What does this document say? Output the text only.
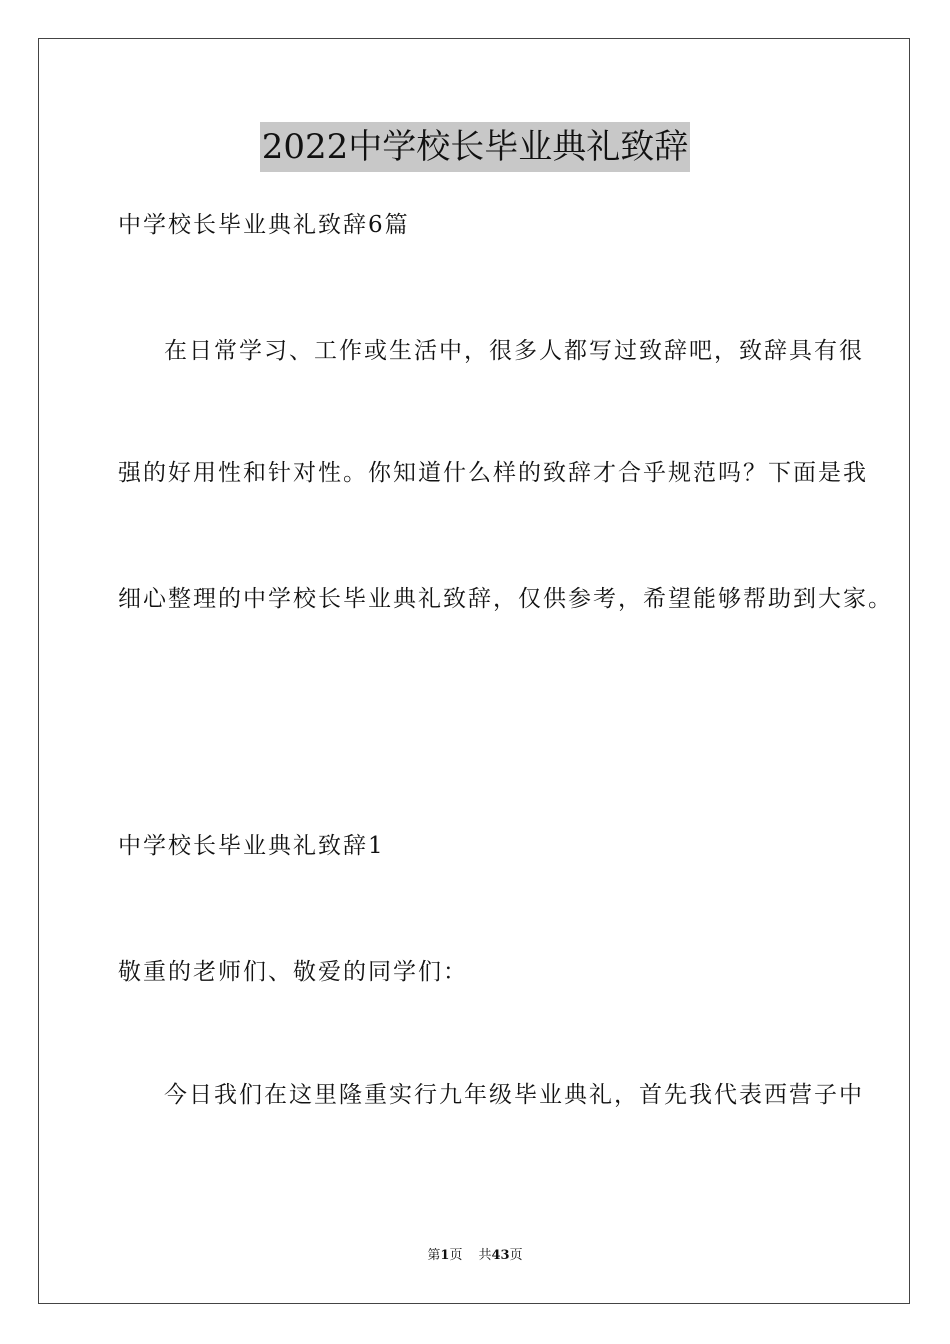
2022中学校长毕业典礼致辞
中学校长毕业典礼致辞6篇
在日常学习、工作或生活中，很多人都写过致辞吧，致辞具有很
强的好用性和针对性。你知道什么样的致辞才合乎规范吗？下面是我
细心整理的中学校长毕业典礼致辞，仅供参考，希望能够帮助到大家。
中学校长毕业典礼致辞1
敬重的老师们、敬爱的同学们：
今日我们在这里隆重实行九年级毕业典礼，首先我代表西营子中
第1页 共43页
